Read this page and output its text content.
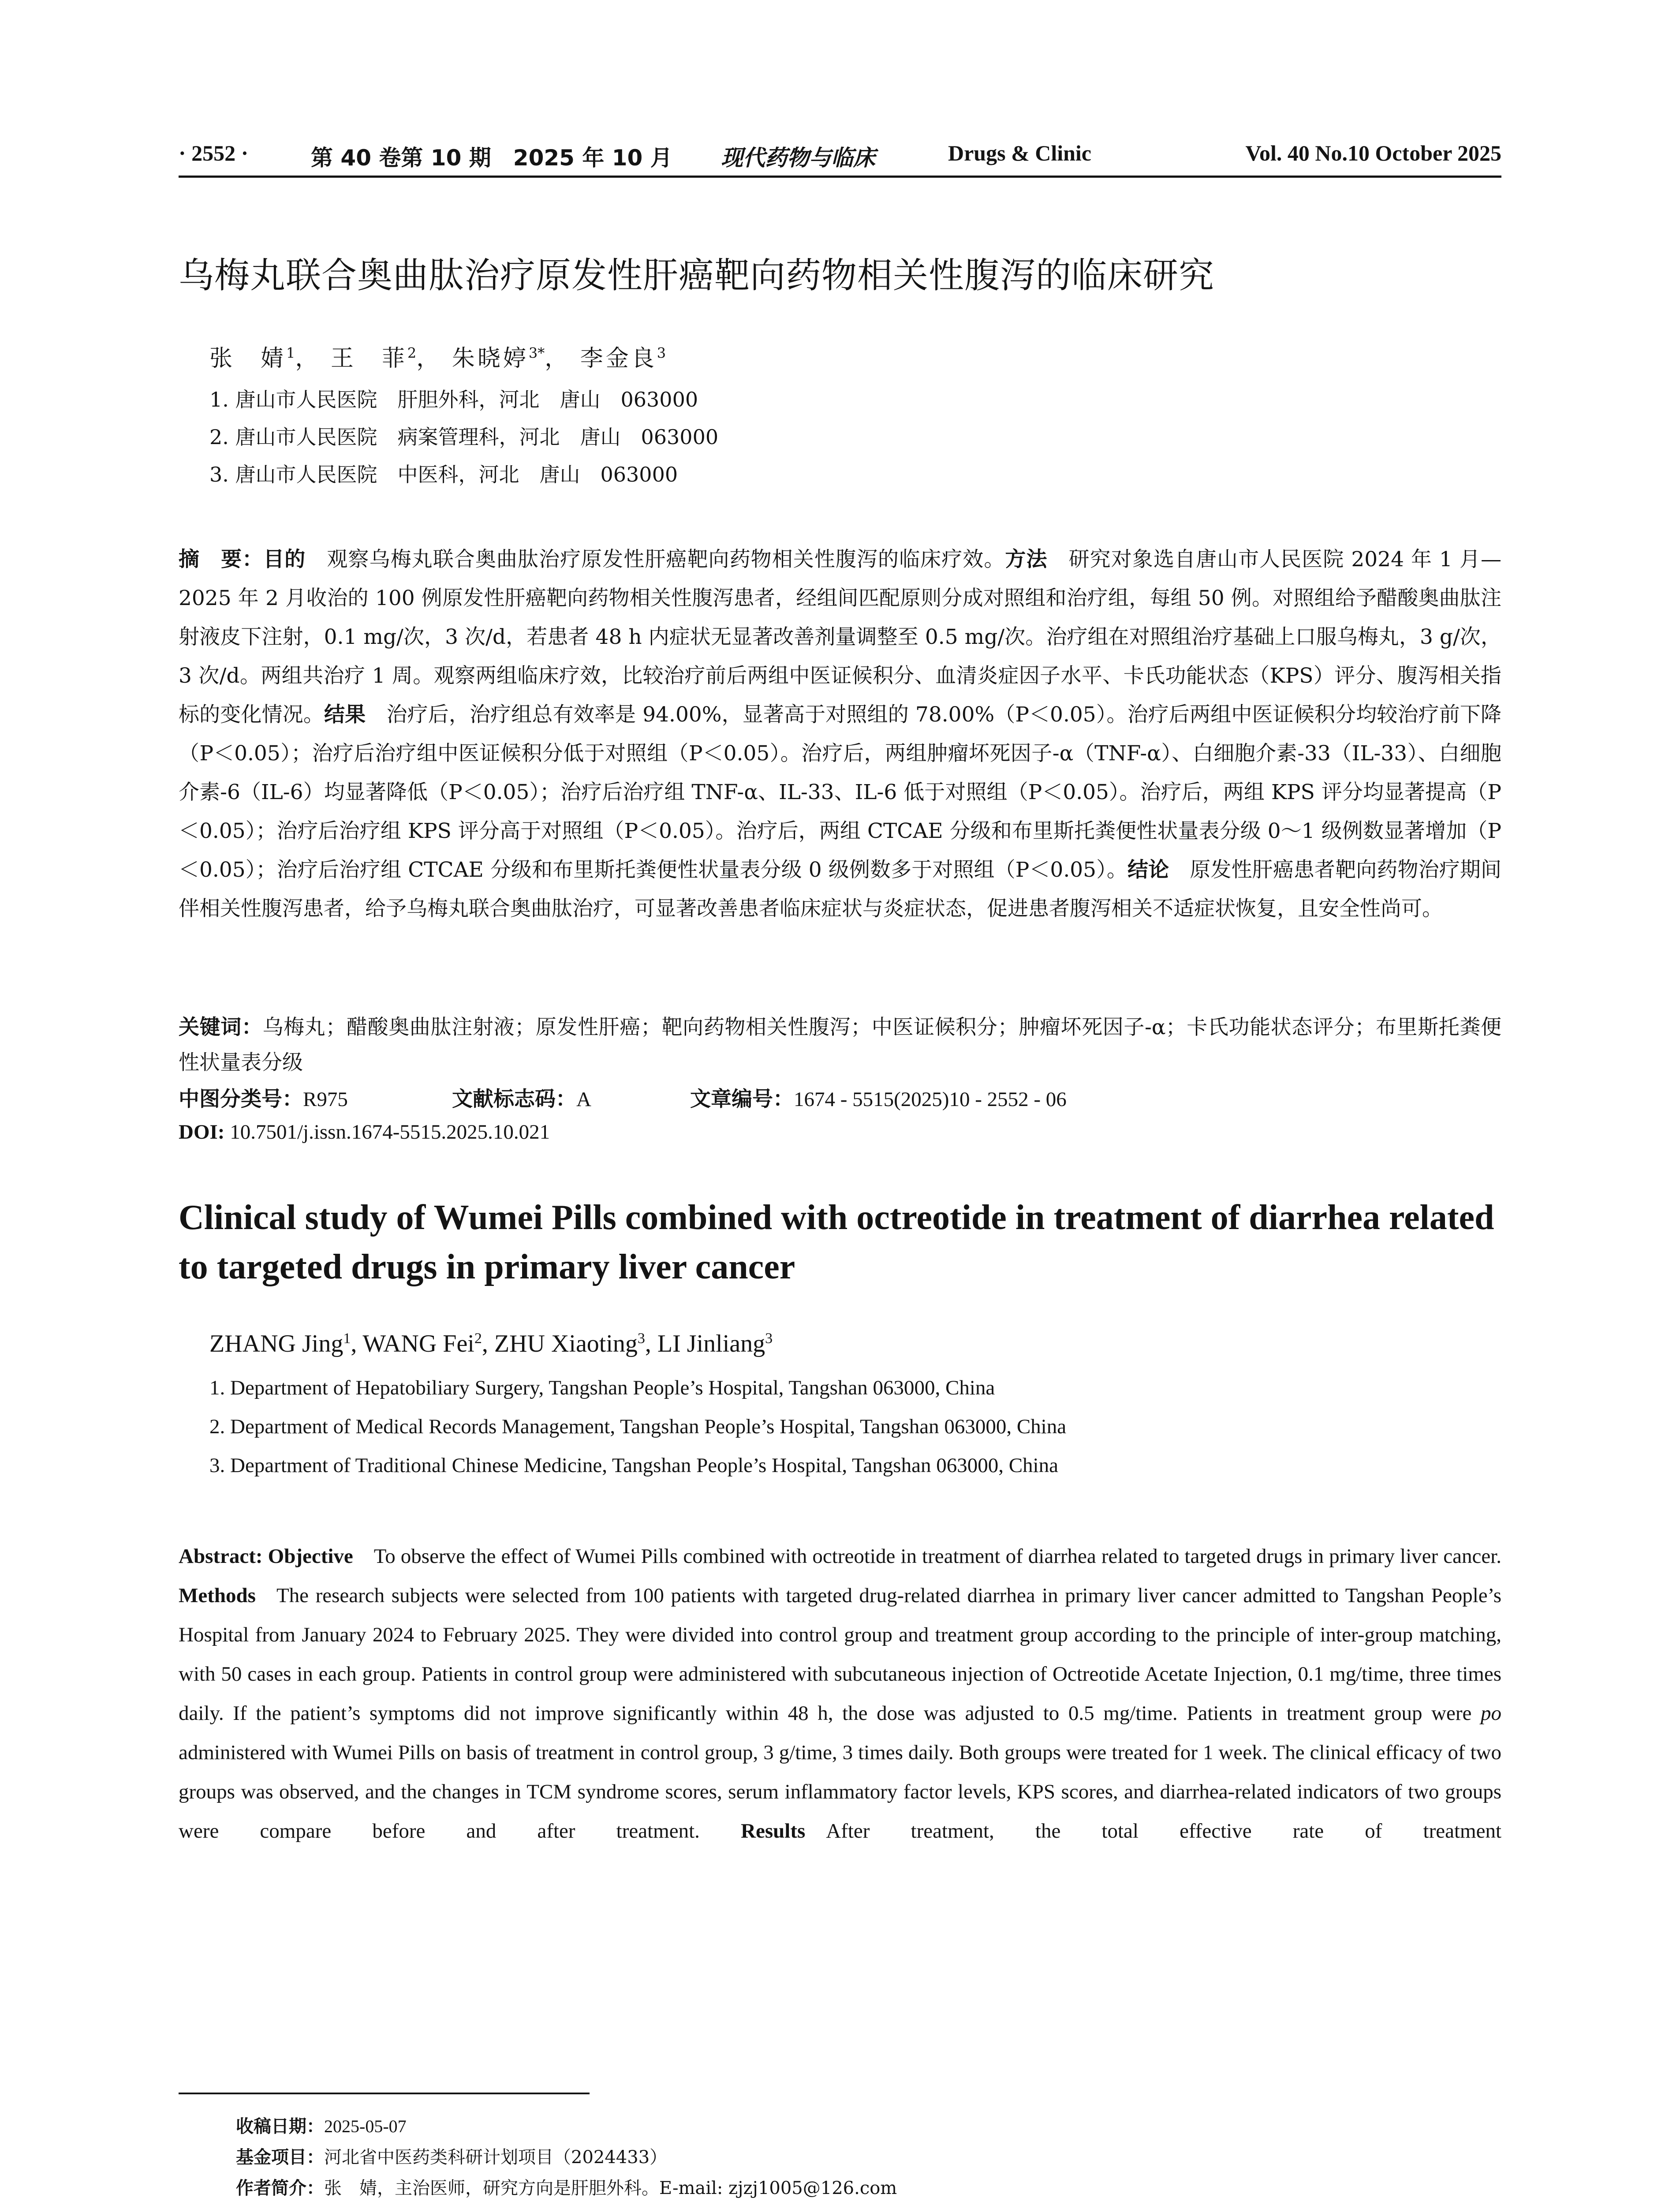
· 2552 ·	第 40 卷第 10 期　2025 年 10 月 现代药物与临床	Drugs & Clinic	Vol. 40 No.10 October 2025
乌梅丸联合奥曲肽治疗原发性肝癌靶向药物相关性腹泻的临床研究
张　婧$^1$， 王　菲$^2$， 朱晓婷$^{3*}$， 李金良$^3$
1. 唐山市人民医院　肝胆外科，河北　唐山　063000
2. 唐山市人民医院　病案管理科，河北　唐山　063000
3. 唐山市人民医院　中医科，河北　唐山　063000
摘　要：目的　观察乌梅丸联合奥曲肽治疗原发性肝癌靶向药物相关性腹泻的临床疗效。方法　研究对象选自唐山市人民医院 2024 年 1 月—2025 年 2 月收治的 100 例原发性肝癌靶向药物相关性腹泻患者，经组间匹配原则分成对照组和治疗组，每组 50 例。对照组给予醋酸奥曲肽注射液皮下注射，0.1 mg/次，3 次/d，若患者 48 h 内症状无显著改善剂量调整至 0.5 mg/次。治疗组在对照组治疗基础上口服乌梅丸，3 g/次，3 次/d。两组共治疗 1 周。观察两组临床疗效，比较治疗前后两组中医证候积分、血清炎症因子水平、卡氏功能状态（KPS）评分、腹泻相关指标的变化情况。结果　治疗后，治疗组总有效率是 94.00%，显著高于对照组的 78.00%（P＜0.05）。治疗后两组中医证候积分均较治疗前下降（P＜0.05）；治疗后治疗组中医证候积分低于对照组（P＜0.05）。治疗后，两组肿瘤坏死因子-α（TNF-α）、白细胞介素-33（IL-33）、白细胞介素-6（IL-6）均显著降低（P＜0.05）；治疗后治疗组 TNF-α、IL-33、IL-6 低于对照组（P＜0.05）。治疗后，两组 KPS 评分均显著提高（P＜0.05）；治疗后治疗组 KPS 评分高于对照组（P＜0.05）。治疗后，两组 CTCAE 分级和布里斯托粪便性状量表分级 0～1 级例数显著增加（P＜0.05）；治疗后治疗组 CTCAE 分级和布里斯托粪便性状量表分级 0 级例数多于对照组（P＜0.05）。结论　原发性肝癌患者靶向药物治疗期间伴相关性腹泻患者，给予乌梅丸联合奥曲肽治疗，可显著改善患者临床症状与炎症状态，促进患者腹泻相关不适症状恢复，且安全性尚可。
关键词：乌梅丸；醋酸奥曲肽注射液；原发性肝癌；靶向药物相关性腹泻；中医证候积分；肿瘤坏死因子-α；卡氏功能状态评分；布里斯托粪便性状量表分级
中图分类号：R975	文献标志码：A	文章编号：1674 - 5515(2025)10 - 2552 - 06
DOI: 10.7501/j.issn.1674-5515.2025.10.021
Clinical study of Wumei Pills combined with octreotide in treatment of diarrhea related to targeted drugs in primary liver cancer
ZHANG Jing$^1$, WANG Fei$^2$, ZHU Xiaoting$^3$, LI Jinliang$^3$
1. Department of Hepatobiliary Surgery, Tangshan People’s Hospital, Tangshan 063000, China
2. Department of Medical Records Management, Tangshan People’s Hospital, Tangshan 063000, China
3. Department of Traditional Chinese Medicine, Tangshan People’s Hospital, Tangshan 063000, China
Abstract: Objective  To observe the effect of Wumei Pills combined with octreotide in treatment of diarrhea related to targeted drugs in primary liver cancer. Methods  The research subjects were selected from 100 patients with targeted drug-related diarrhea in primary liver cancer admitted to Tangshan People’s Hospital from January 2024 to February 2025. They were divided into control group and treatment group according to the principle of inter-group matching, with 50 cases in each group. Patients in control group were administered with subcutaneous injection of Octreotide Acetate Injection, 0.1 mg/time, three times daily. If the patient’s symptoms did not improve significantly within 48 h, the dose was adjusted to 0.5 mg/time. Patients in treatment group were po administered with Wumei Pills on basis of treatment in control group, 3 g/time, 3 times daily. Both groups were treated for 1 week. The clinical efficacy of two groups was observed, and the changes in TCM syndrome scores, serum inflammatory factor levels, KPS scores, and diarrhea-related indicators of two groups were compare before and after treatment. Results  After treatment, the total effective rate of treatment
收稿日期：2025-05-07
基金项目：河北省中医药类科研计划项目（2024433）
作者简介：张　婧，主治医师，研究方向是肝胆外科。E-mail: zjzj1005@126.com
